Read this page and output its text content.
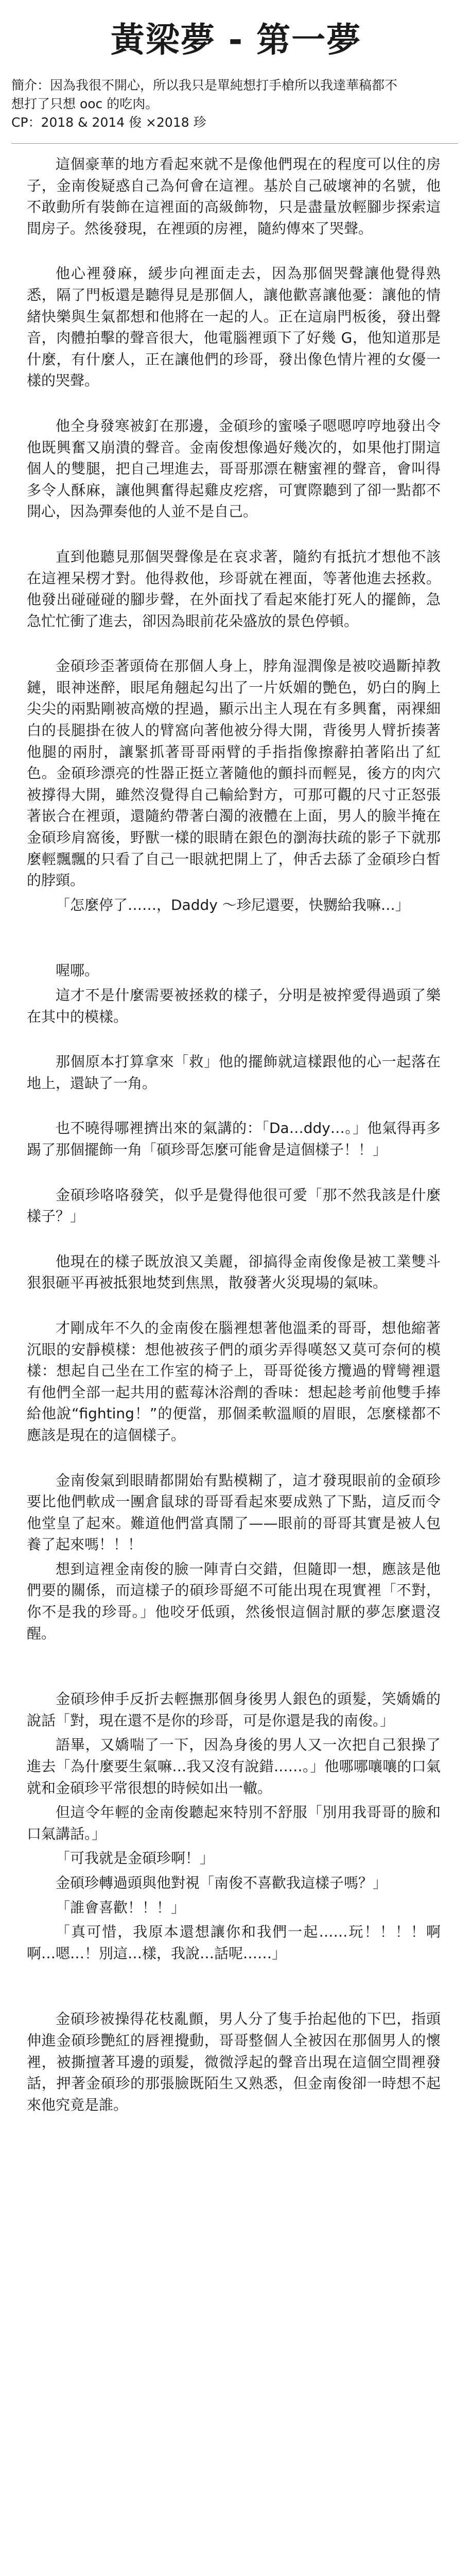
黃梁夢 - 第一夢
簡介：因為我很不開心，所以我只是單純想打手槍所以我達華稿都不
想打了只想 ooc 的吃肉。
CP：2018 & 2014 俊 ×2018 珍

這個豪華的地方看起來就不是像他們現在的程度可以住的房子，金南俊疑惑自己為何會在這裡。基於自己破壞神的名號，他不敢動所有裝飾在這裡面的高級飾物，只是盡量放輕腳步探索這間房子。然後發現，在裡頭的房裡，隨約傳來了哭聲。

他心裡發麻，緩步向裡面走去，因為那個哭聲讓他覺得熟悉，隔了門板還是聽得見是那個人，讓他歡喜讓他憂：讓他的情緒快樂與生氣都想和他將在一起的人。正在這扇門板後，發出聲音，肉體拍擊的聲音很大，他電腦裡頭下了好幾 G，他知道那是什麼，有什麼人，正在讓他們的珍哥，發出像色情片裡的女優一樣的哭聲。

他全身發寒被釘在那邊，金碩珍的蜜嗓子嗯嗯哼哼地發出令他既興奮又崩潰的聲音。金南俊想像過好幾次的，如果他打開這個人的雙腿，把自己埋進去，哥哥那漂在糖蜜裡的聲音，會叫得多令人酥麻，讓他興奮得起雞皮疙瘩，可實際聽到了卻一點都不開心，因為彈奏他的人並不是自己。

直到他聽見那個哭聲像是在哀求著，隨約有抵抗才想他不該在這裡呆楞才對。他得救他，珍哥就在裡面，等著他進去拯救。他發出碰碰碰的腳步聲，在外面找了看起來能打死人的擺飾，急急忙忙衝了進去，卻因為眼前花朵盛放的景色停頓。

金碩珍歪著頭倚在那個人身上，脖角湿潤像是被咬過斷掉教鏈，眼神迷醉，眼尾角翹起勾出了一片妖媚的艷色，奶白的胸上尖尖的兩點剛被高燉的捏過，顯示出主人現在有多興奮，兩裸細白的長腿掛在彼人的臂窩向著他被分得大開，背後男人臂折揍著他腿的兩肘，讓緊抓著哥哥兩臂的手指指像擦辭拍著陷出了紅色。金碩珍漂亮的性器正挺立著隨他的顫抖而輕晃，後方的肉穴被撐得大開，雖然沒覺得自己輸給對方，可那可觀的尺寸正怒張著嵌合在裡頭，還隨約帶著白濁的液體在上面，男人的臉半掩在金碩珍肩窩後，野獸一樣的眼睛在銀色的瀏海扶疏的影子下就那麼輕飄飄的只看了自己一眼就把開上了，伸舌去舔了金碩珍白皙的脖頸。

「怎麼停了……，Daddy ～珍尼還要，快嬲給我嘛…」

喔哪。

這才不是什麼需要被拯救的樣子，分明是被搾愛得過頭了樂在其中的模樣。

那個原本打算拿來「救」他的擺飾就這樣跟他的心一起落在地上，還缺了一角。

也不曉得哪裡擠出來的氣講的：「Da…ddy…。」他氣得再多踢了那個擺飾一角「碩珍哥怎麼可能會是這個樣子！！」

金碩珍咯咯發笑，似乎是覺得他很可愛「那不然我該是什麼樣子？」

他現在的樣子既放浪又美麗，卻搞得金南俊像是被工業雙斗狠狠砸平再被抵狠地焚到焦黑，散發著火災現場的氣味。

才剛成年不久的金南俊在腦裡想著他溫柔的哥哥，想他縮著沉眼的安靜模樣：想他被孩子們的頑劣弄得嘆怒又莫可奈何的模樣：想起自己坐在工作室的椅子上，哥哥從後方攬過的臂彎裡還有他們全部一起共用的藍莓沐浴劑的香味：想起趁考前他雙手捧給他說“fighting！”的便當，那個柔軟溫順的眉眼，怎麼樣都不應該是現在的這個樣子。

金南俊氣到眼睛都開始有點模糊了，這才發現眼前的金碩珍要比他們軟成一團倉鼠球的哥哥看起來要成熟了下點，這反而令他堂皇了起來。難道他們當真鬧了——眼前的哥哥其實是被人包養了起來嗎！！！

想到這裡金南俊的臉一陣青白交錯，但隨即一想，應該是他們要的關係，而這樣子的碩珍哥絕不可能出現在現實裡「不對，你不是我的珍哥。」他咬牙低頭，然後恨這個討厭的夢怎麼還沒醒。

金碩珍伸手反折去輕撫那個身後男人銀色的頭髮，笑嬌嬌的說話「對，現在還不是你的珍哥，可是你還是我的南俊。」

語畢，又嬌喘了一下，因為身後的男人又一次把自己狠操了進去「為什麼要生氣嘛…我又沒有說錯……。」他哪哪嚷嚷的口氣就和金碩珍平常很想的時候如出一轍。

但這令年輕的金南俊聽起來特別不舒服「別用我哥哥的臉和口氣講話。」

「可我就是金碩珍啊！」

金碩珍轉過頭與他對視「南俊不喜歡我這樣子嗎？」

「誰會喜歡！！！」

「真可惜，我原本還想讓你和我們一起……玩！！！！啊啊…嗯…！別這…樣，我說…話呢……」

金碩珍被操得花枝亂顫，男人分了隻手抬起他的下巴，指頭伸進金碩珍艷紅的唇裡攪動，哥哥整個人全被因在那個男人的懷裡，被撕擅著耳邊的頭髮，微微浮起的聲音出現在這個空間裡發話，押著金碩珍的那張臉既陌生又熟悉，但金南俊卻一時想不起來他究竟是誰。
